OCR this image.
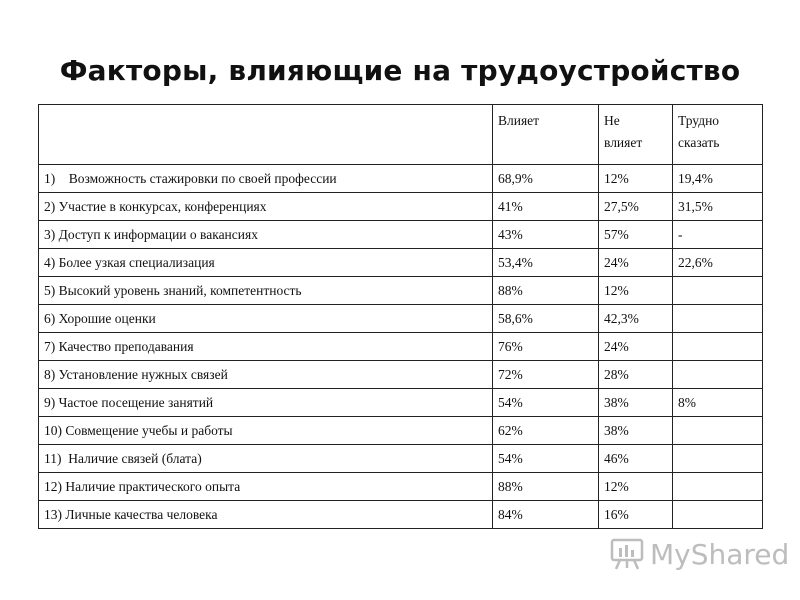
Факторы, влияющие на трудоустройство
	Влияет	Не влияет	Трудно сказать

1)    Возможность стажировки по своей профессии	68,9%	12%	19,4%
2) Участие в конкурсах, конференциях	41%	27,5%	31,5%
3) Доступ к информации о вакансиях	43%	57%	-
4) Более узкая специализация	53,4%	24%	22,6%
5) Высокий уровень знаний, компетентность	88%	12%	
6) Хорошие оценки	58,6%	42,3%	
7) Качество преподавания	76%	24%	
8) Установление нужных связей	72%	28%	
9) Частое посещение занятий	54%	38%	8%
10) Совмещение учебы и работы	62%	38%	
11)  Наличие связей (блата)	54%	46%	
12) Наличие практического опыта	88%	12%	
13) Личные качества человека	84%	16%	
MyShared
